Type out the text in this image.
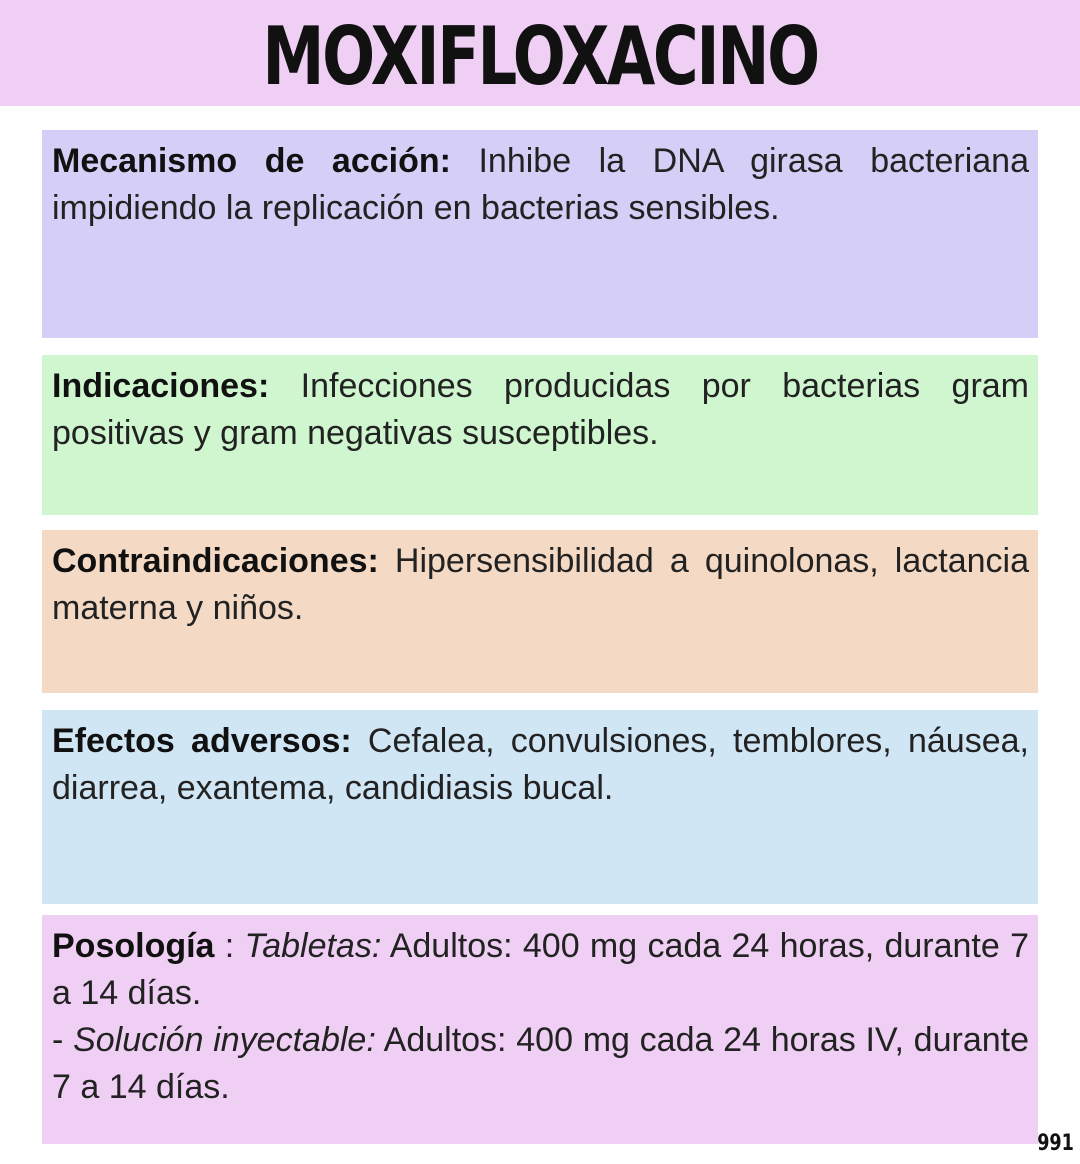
MOXIFLOXACINO

Mecanismo de acción: Inhibe la DNA girasa bacteriana impidiendo la replicación en bacterias sensibles.

Indicaciones: Infecciones producidas por bacterias gram positivas y gram negativas susceptibles.

Contraindicaciones: Hipersensibilidad a quinolonas, lactancia materna y niños.

Efectos adversos: Cefalea, convulsiones, temblores, náusea, diarrea, exantema, candidiasis bucal.

Posología : Tabletas: Adultos: 400 mg cada 24 horas, durante 7 a 14 días.

- Solución inyectable: Adultos: 400 mg cada 24 horas IV, durante 7 a 14 días.

991
